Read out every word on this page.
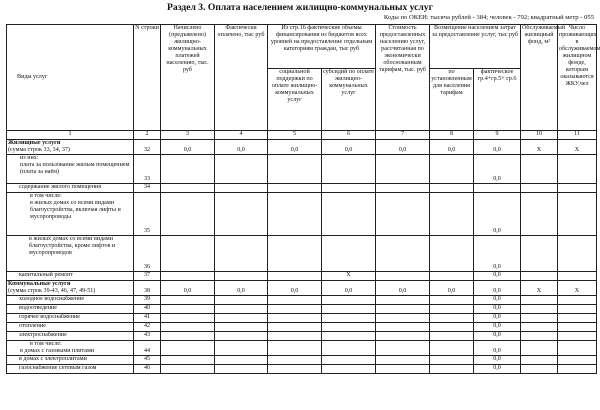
Раздел 3. Оплата населением жилищно-коммунальных услуг
Коды по ОКЕИ: тысяча рублей - 384; человек - 792; квадратный метр - 055
Виды услуг	N строки	Начислено (предъявлено) жилищно-коммунальных платежей населению, тыс. руб	Фактически оплачено, тыс руб	Из стр.16 фактические объемы финансирования из бюджетов всех уровней на предоставление отдельным категориям граждан, тыс руб		Стоимость предоставленных населению услуг, рассчитанная по экономически обоснованным тарифам, тыс. руб	Возмещение населением затрат за предоставление услуг, тыс руб		Обслуживаемый жилищный фонд, м²	Число проживающих в обслуживаемом жилищном фонде, которым оказываются ЖКУ,чел
				социальной поддержки по оплате жилищно-коммунальных услуг	субсидий по оплате жилищно-коммунальных услуг		по установленным для населения тарифам	фактическое гр.4+гр.5+ гр.6		
1	2	3	4	5	6	7	8	9	10	11

Жилищные услуги
(сумма строк 33, 34, 37)	32	0,0	0,0	0,0	0,0	0,0	0,0	0,0	X	X

из них:
плата за пользование жилым помещением (плата за наём)	33							0,0		
содержание жилого помещения	34									

в том числе:
в жилых домах со всеми видами благоустройства, включая лифты и мусоропроводы	35							0,0		
в жилых домах со всеми видами благоустройства, кроме лифтов и мусоропроводов	36							0,0		
капитальный ремонт	37				X			0,0		

Коммунальные услуги
(сумма строк 39-43, 46, 47, 49-51)	38	0,0	0,0	0,0	0,0	0,0	0,0	0,0	X	X
холодное водоснабжение	39							0,0		
водоотведение	40							0,0		
горячее водоснабжение	41							0,0		
отопление	42							0,0		
электроснабжение	43							0,0		

в том числе:
в домах с газовыми плитами	44							0,0		
в домах с электроплитами	45							0,0		
газоснабжение сетевым газом	46							0,0		
